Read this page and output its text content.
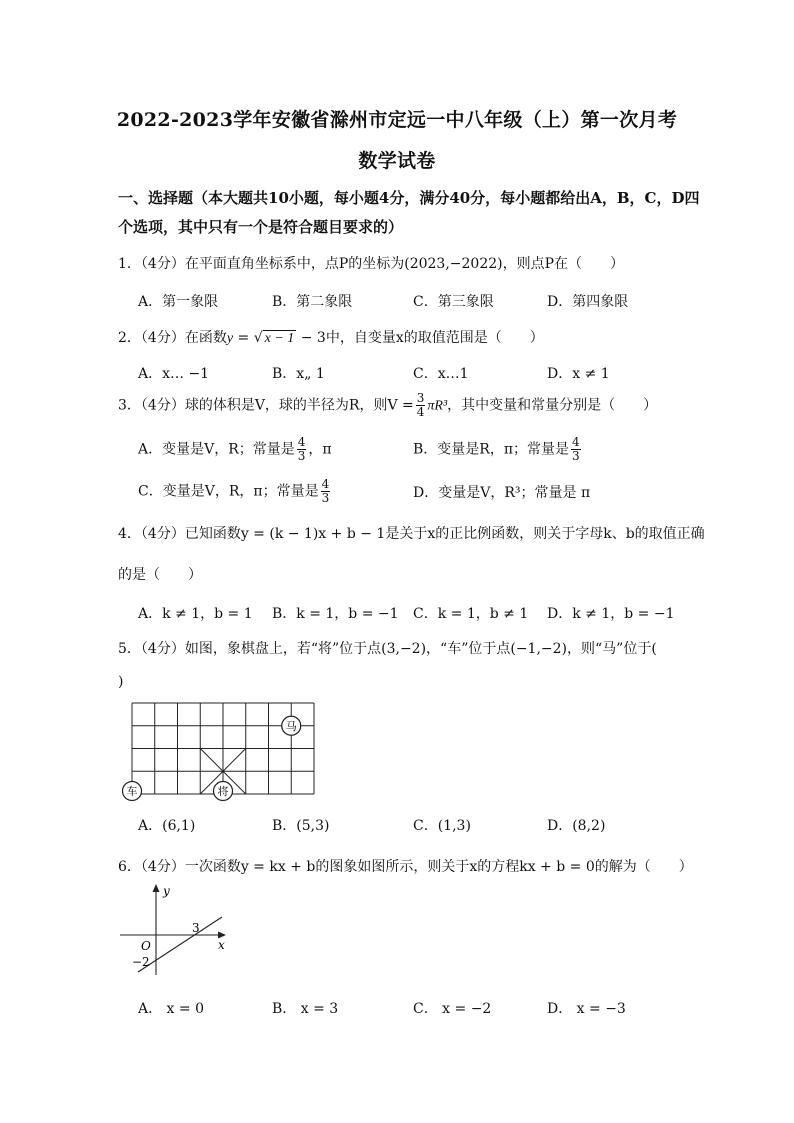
2022-2023学年安徽省滁州市定远一中八年级（上）第一次月考
数学试卷
一、选择题（本大题共10小题，每小题4分，满分40分，每小题都给出A，B，C，D四
个选项，其中只有一个是符合题目要求的）
1．（4分）在平面直角坐标系中，点P的坐标为(2023,−2022)，则点P在（　　）
A．第一象限	B．第二象限	C．第三象限	D．第四象限
2．（4分）在函数y = √ x − 1 − 3中，自变量x的取值范围是（　　）
A．x… −1	B．x„ 1	C．x…1	D．x ≠ 1
3．（4分）球的体积是V，球的半径为R，则$V = \frac{3}{4} \pi R^3$，其中变量和常量分别是（　　）
A．变量是V，R；常量是 $\frac{4}{3}$ ，π	B．变量是R，π；常量是 $\frac{4}{3}$
C．变量是V，R，π；常量是 $\frac{4}{3}$	D．变量是V，R³；常量是 π
4．（4分）已知函数y = (k − 1)x + b − 1是关于x的正比例函数，则关于字母k、b的取值正确
的是（　　）
A．k ≠ 1，b = 1 B．k = 1，b = −1 C．k = 1，b ≠ 1 D．k ≠ 1，b = −1
5．（4分）如图，象棋盘上，若“将”位于点(3,−2)，“车”位于点(−1,−2)，则“马”位于(
)
马
车	将
A．(6,1)	B．(5,3)	C．(1,3)	D．(8,2)
6．（4分）一次函数y = kx + b的图象如图所示，则关于x的方程kx + b = 0的解为（　　）
y
x
O
3
−2
A． x = 0	B． x = 3	C． x = −2	D． x = −3
